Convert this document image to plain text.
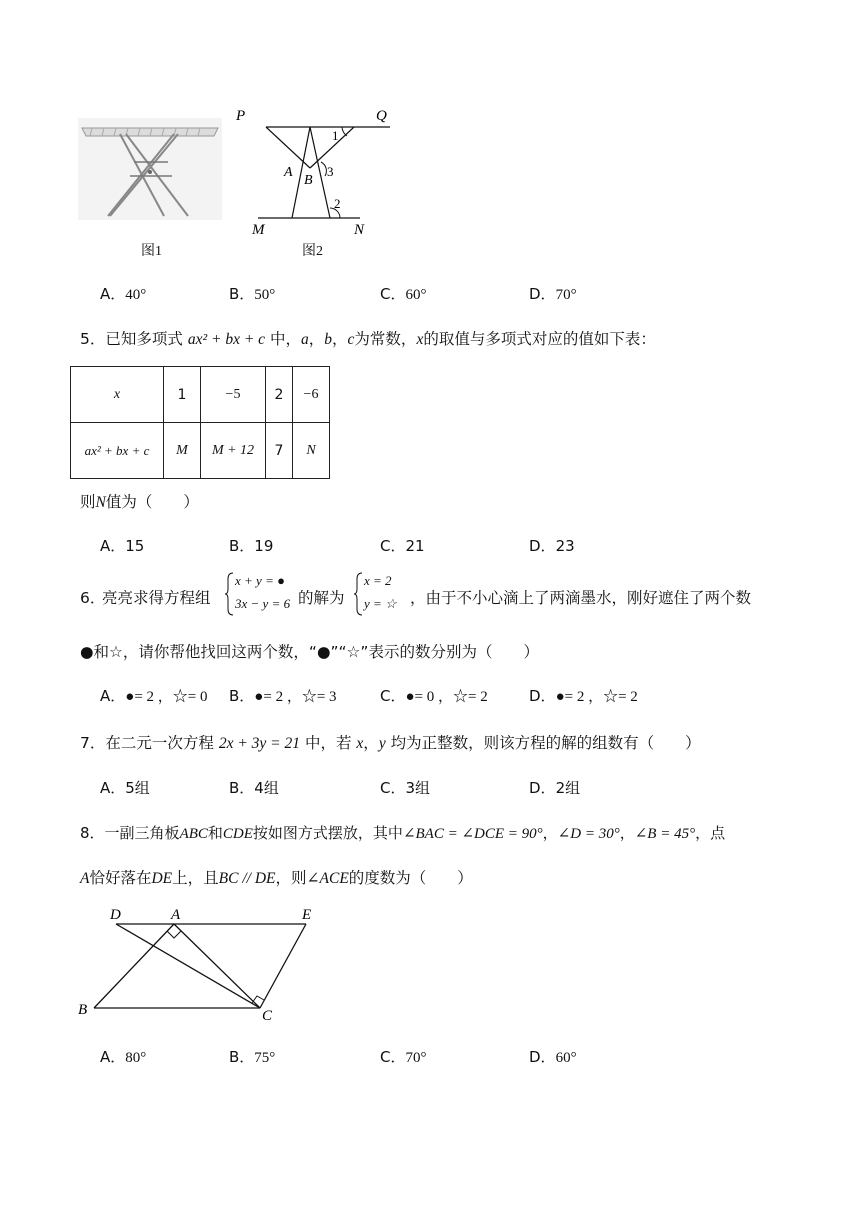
P	Q
M	N
A
B
1
3
2
图1	图2
A．40°	B．50°	C．60°	D．70°
5．已知多项式 ax² + bx + c 中，a，b，c为常数，x的取值与多项式对应的值如下表：
x	1	−5	2	−6
ax² + bx + c	M	M + 12	7	N
则N值为（　　）
A．15	B．19	C．21	D．23
6．
亮亮求得方程组
x + y = ●
3x − y = 6 的解为
x = 2
y = ☆ ，由于不小心滴上了两滴墨水，刚好遮住了两个数
●和☆，请你帮他找回这两个数，“●”“☆”表示的数分别为（　　）
A．●= 2 ，☆= 0 B．●= 2 ，☆= 3	C．●= 0 ，☆= 2	D．●= 2 ，☆= 2
7．在二元一次方程 2x + 3y = 21 中，若 x，y 均为正整数，则该方程的解的组数有（　　）
A．5组	B．4组	C．3组	D．2组
8．一副三角板ABC和CDE按如图方式摆放，其中∠BAC = ∠DCE = 90°，∠D = 30°，∠B = 45°，点
A恰好落在DE上，且BC // DE，则∠ACE的度数为（　　）
D	A	E
B	C
A．80°	B．75°	C．70°	D．60°
